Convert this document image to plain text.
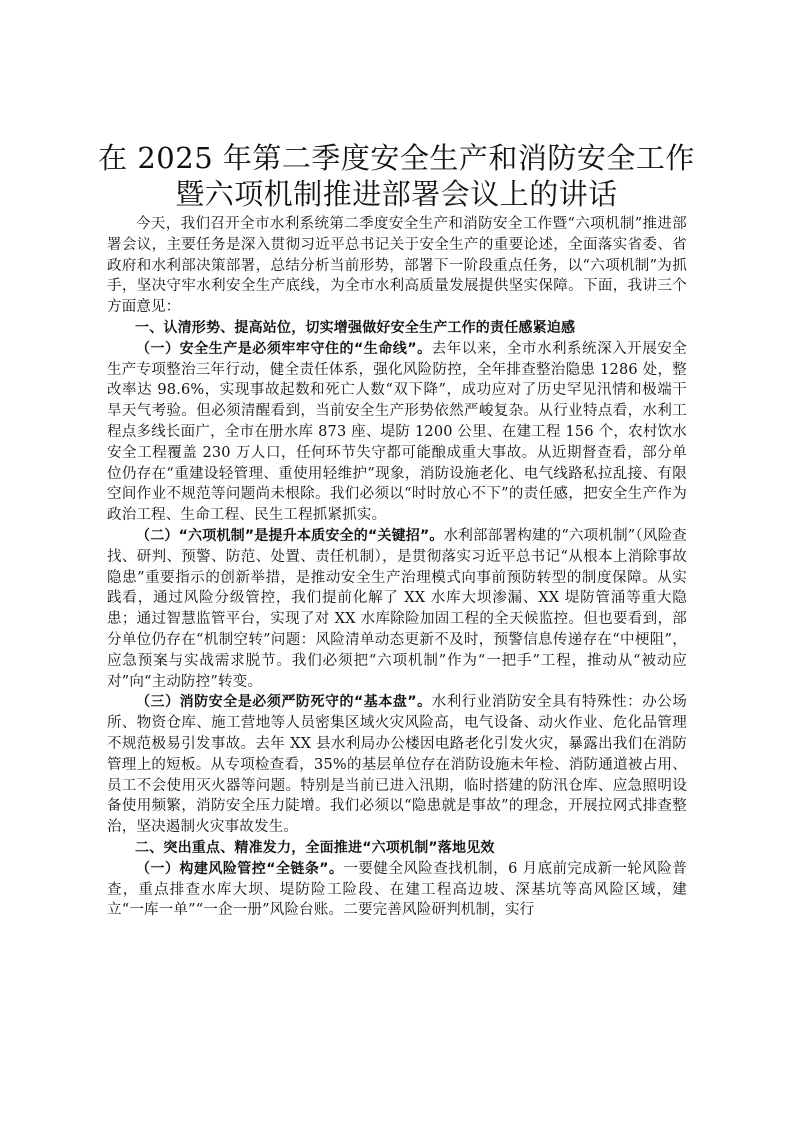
在 2025 年第二季度安全生产和消防安全工作
暨六项机制推进部署会议上的讲话

今天，我们召开全市水利系统第二季度安全生产和消防安全工作暨“六项机制”推进部署会议，主要任务是深入贯彻习近平总书记关于安全生产的重要论述，全面落实省委、省政府和水利部决策部署，总结分析当前形势，部署下一阶段重点任务，以“六项机制”为抓手，坚决守牢水利安全生产底线，为全市水利高质量发展提供坚实保障。下面，我讲三个方面意见：

一、认清形势、提高站位，切实增强做好安全生产工作的责任感紧迫感

（一）安全生产是必须牢牢守住的“生命线”。去年以来，全市水利系统深入开展安全生产专项整治三年行动，健全责任体系，强化风险防控，全年排查整治隐患 1286 处，整改率达 98.6%，实现事故起数和死亡人数“双下降”，成功应对了历史罕见汛情和极端干旱天气考验。但必须清醒看到，当前安全生产形势依然严峻复杂。从行业特点看，水利工程点多线长面广，全市在册水库 873 座、堤防 1200 公里、在建工程 156 个，农村饮水安全工程覆盖 230 万人口，任何环节失守都可能酿成重大事故。从近期督查看，部分单位仍存在“重建设轻管理、重使用轻维护”现象，消防设施老化、电气线路私拉乱接、有限空间作业不规范等问题尚未根除。我们必须以“时时放心不下”的责任感，把安全生产作为政治工程、生命工程、民生工程抓紧抓实。

（二）“六项机制”是提升本质安全的“关键招”。水利部部署构建的“六项机制”（风险查找、研判、预警、防范、处置、责任机制），是贯彻落实习近平总书记“从根本上消除事故隐患”重要指示的创新举措，是推动安全生产治理模式向事前预防转型的制度保障。从实践看，通过风险分级管控，我们提前化解了 XX 水库大坝渗漏、XX 堤防管涌等重大隐患；通过智慧监管平台，实现了对 XX 水库除险加固工程的全天候监控。但也要看到，部分单位仍存在“机制空转”问题：风险清单动态更新不及时，预警信息传递存在“中梗阻”，应急预案与实战需求脱节。我们必须把“六项机制”作为“一把手”工程，推动从“被动应对”向“主动防控”转变。

（三）消防安全是必须严防死守的“基本盘”。水利行业消防安全具有特殊性：办公场所、物资仓库、施工营地等人员密集区域火灾风险高，电气设备、动火作业、危化品管理不规范极易引发事故。去年 XX 县水利局办公楼因电路老化引发火灾，暴露出我们在消防管理上的短板。从专项检查看，35%的基层单位存在消防设施未年检、消防通道被占用、员工不会使用灭火器等问题。特别是当前已进入汛期，临时搭建的防汛仓库、应急照明设备使用频繁，消防安全压力陡增。我们必须以“隐患就是事故”的理念，开展拉网式排查整治，坚决遏制火灾事故发生。

二、突出重点、精准发力，全面推进“六项机制”落地见效

（一）构建风险管控“全链条”。一要健全风险查找机制，6 月底前完成新一轮风险普查，重点排查水库大坝、堤防险工险段、在建工程高边坡、深基坑等高风险区域，建立“一库一单”“一企一册”风险台账。二要完善风险研判机制，实行
